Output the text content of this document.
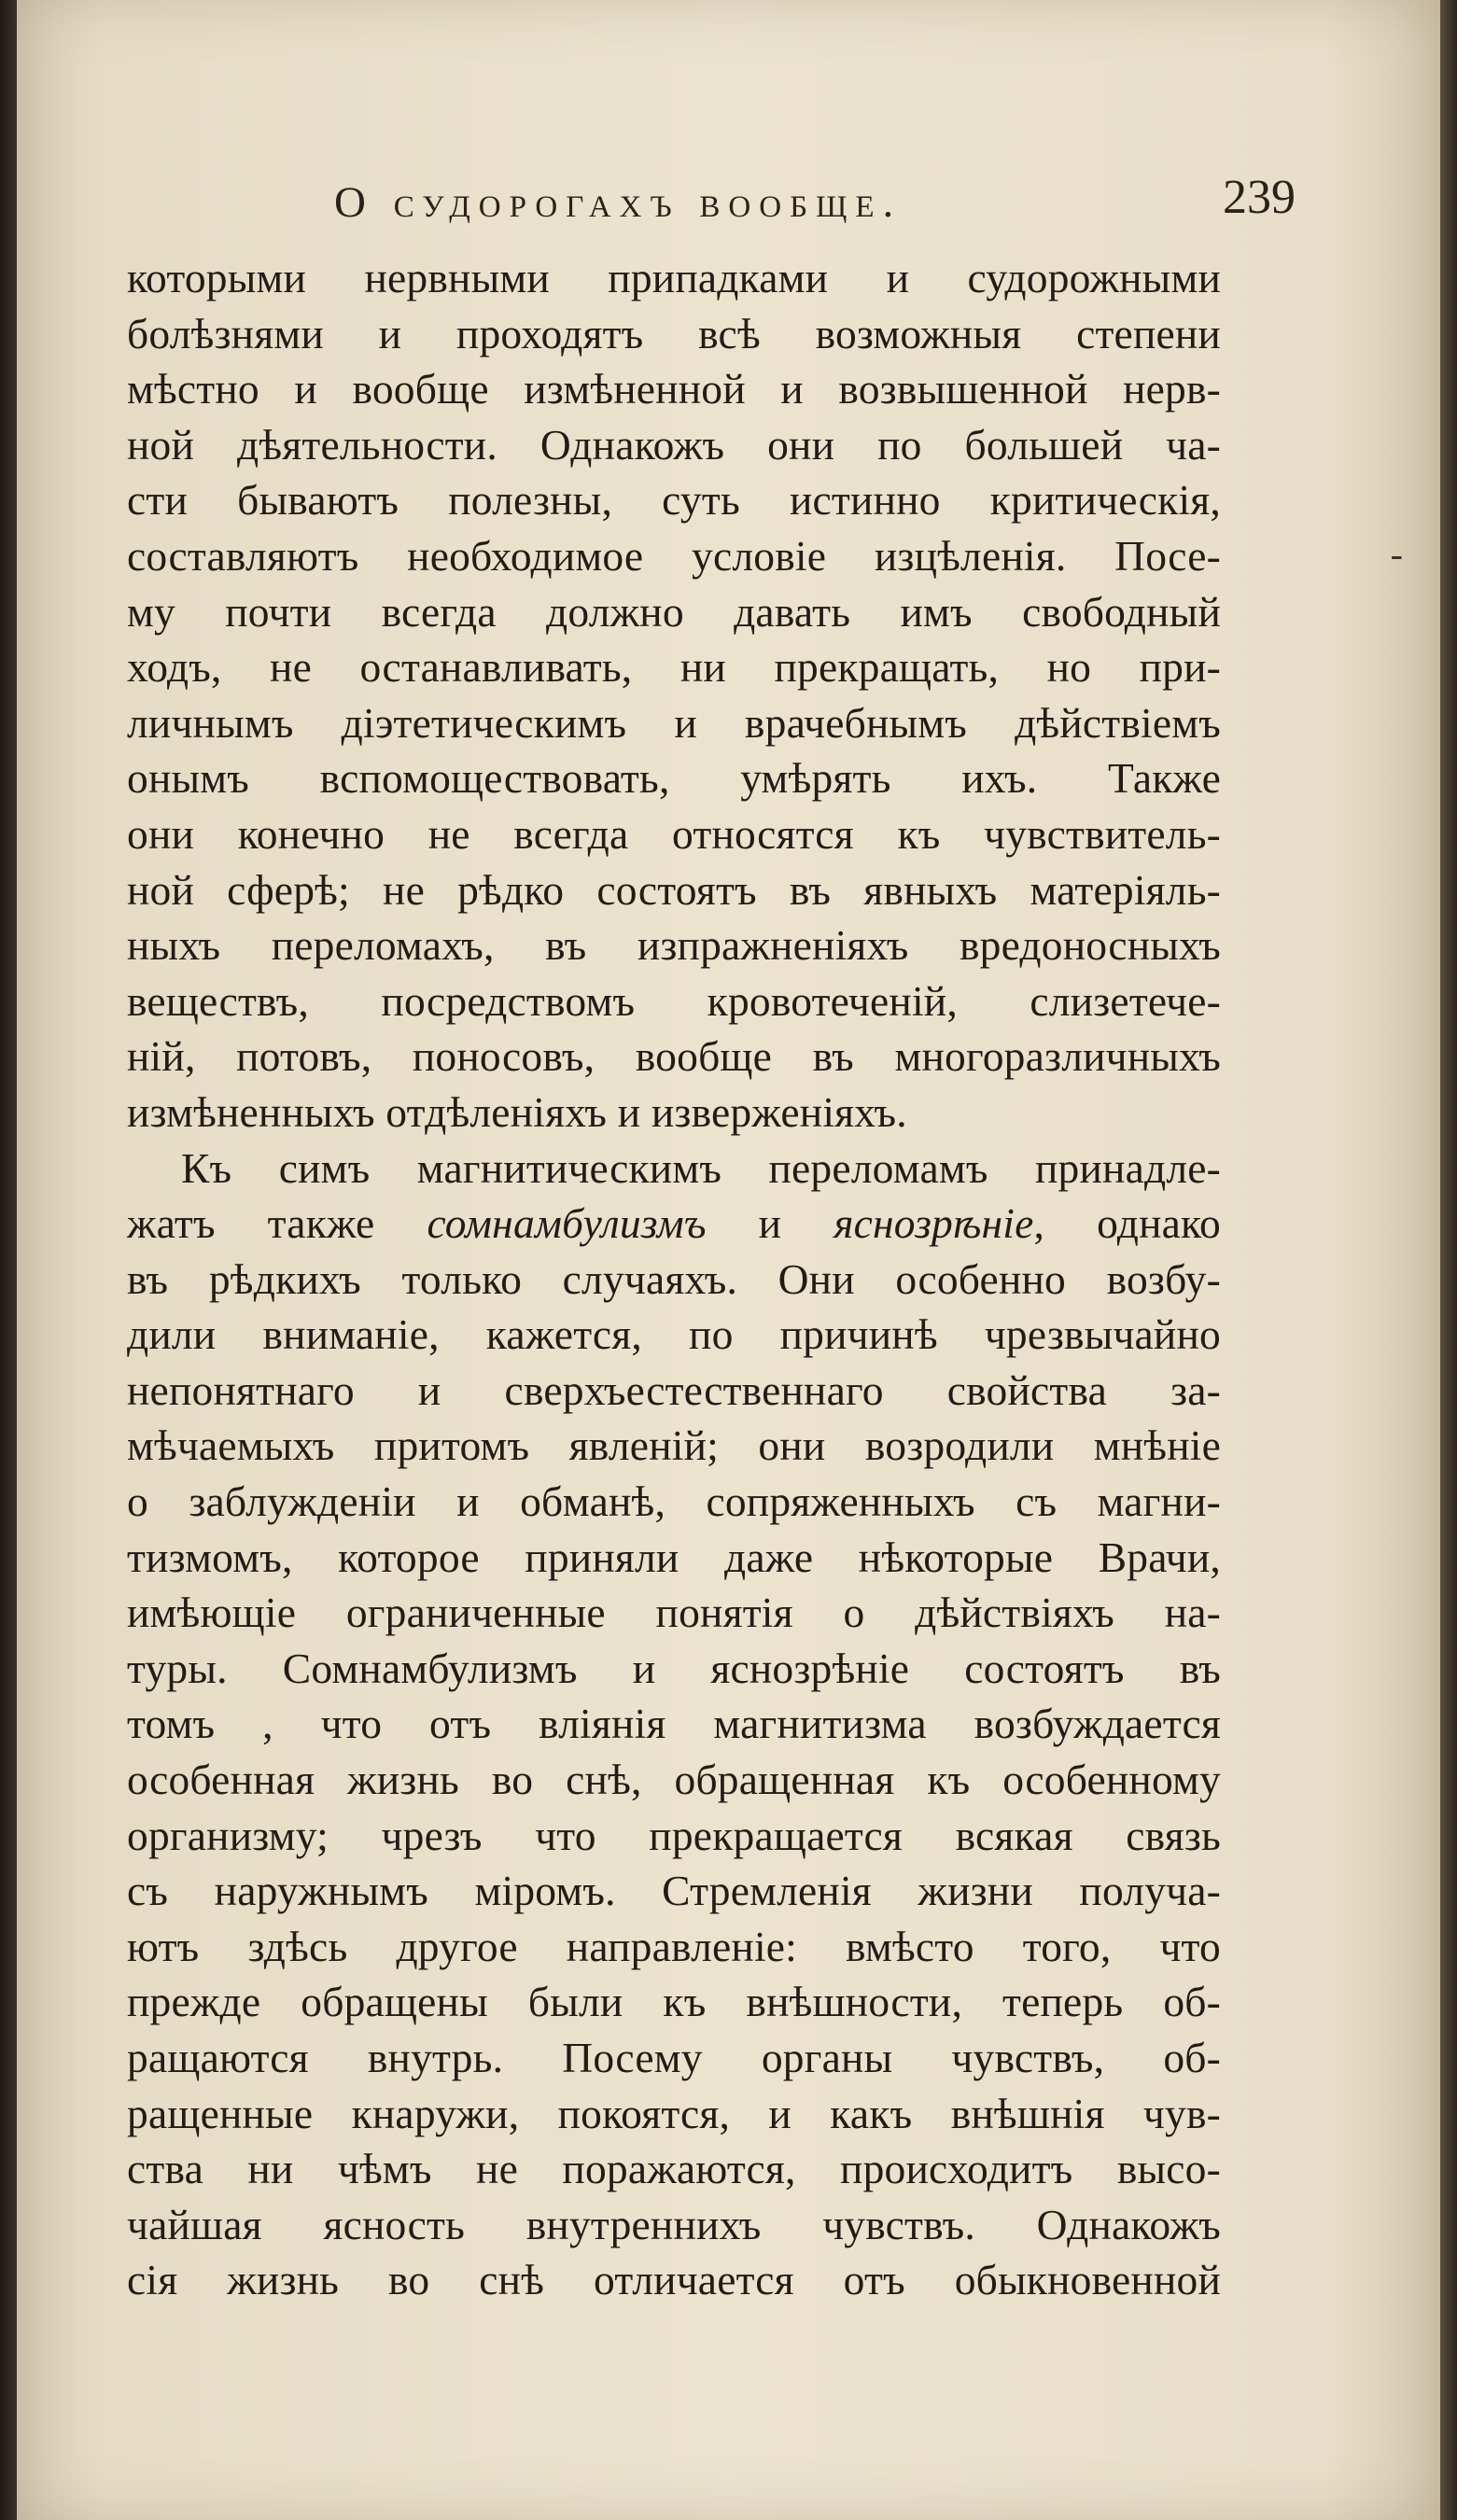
О судорогахъ вообще.	239
которыми нервными припадками и судорожными
болѣзнями и проходятъ всѣ возможныя степени
мѣстно и вообще измѣненной и возвышенной нерв-
ной дѣятельности. Однакожъ они по большей ча-
сти бываютъ полезны, суть истинно критическія,
составляютъ необходимое условіе изцѣленія. Посе-
му почти всегда должно давать имъ свободный
ходъ, не останавливать, ни прекращать, но при-
личнымъ діэтетическимъ и врачебнымъ дѣйствіемъ
онымъ вспомоществовать, умѣрять ихъ. Также
они конечно не всегда относятся къ чувствитель-
ной сферѣ; не рѣдко состоятъ въ явныхъ матеріяль-
ныхъ переломахъ, въ изпражненіяхъ вредоносныхъ
веществъ, посредствомъ кровотеченій, слизетече-
ній, потовъ, поносовъ, вообще въ многоразличныхъ
измѣненныхъ отдѣленіяхъ и изверженіяхъ.
Къ симъ магнитическимъ переломамъ принадле-
жатъ также сомнамбулизмъ и яснозрѣніе, однако
въ рѣдкихъ только случаяхъ. Они особенно возбу-
дили вниманіе, кажется, по причинѣ чрезвычайно
непонятнаго и сверхъестественнаго свойства за-
мѣчаемыхъ притомъ явленій; они возродили мнѣніе
о заблужденіи и обманѣ, сопряженныхъ съ магни-
тизмомъ, которое приняли даже нѣкоторые Врачи,
имѣющіе ограниченные понятія о дѣйствіяхъ на-
туры. Сомнамбулизмъ и яснозрѣніе состоятъ въ
томъ , что отъ вліянія магнитизма возбуждается
особенная жизнь во снѣ, обращенная къ особенному
организму; чрезъ что прекращается всякая связь
съ наружнымъ міромъ. Стремленія жизни получа-
ютъ здѣсь другое направленіе: вмѣсто того, что
прежде обращены были къ внѣшности, теперь об-
ращаются внутрь. Посему органы чувствъ, об-
ращенные кнаружи, покоятся, и какъ внѣшнія чув-
ства ни чѣмъ не поражаются, происходитъ высо-
чайшая ясность внутреннихъ чувствъ. Однакожъ
сія жизнь во снѣ отличается отъ обыкновенной
-
